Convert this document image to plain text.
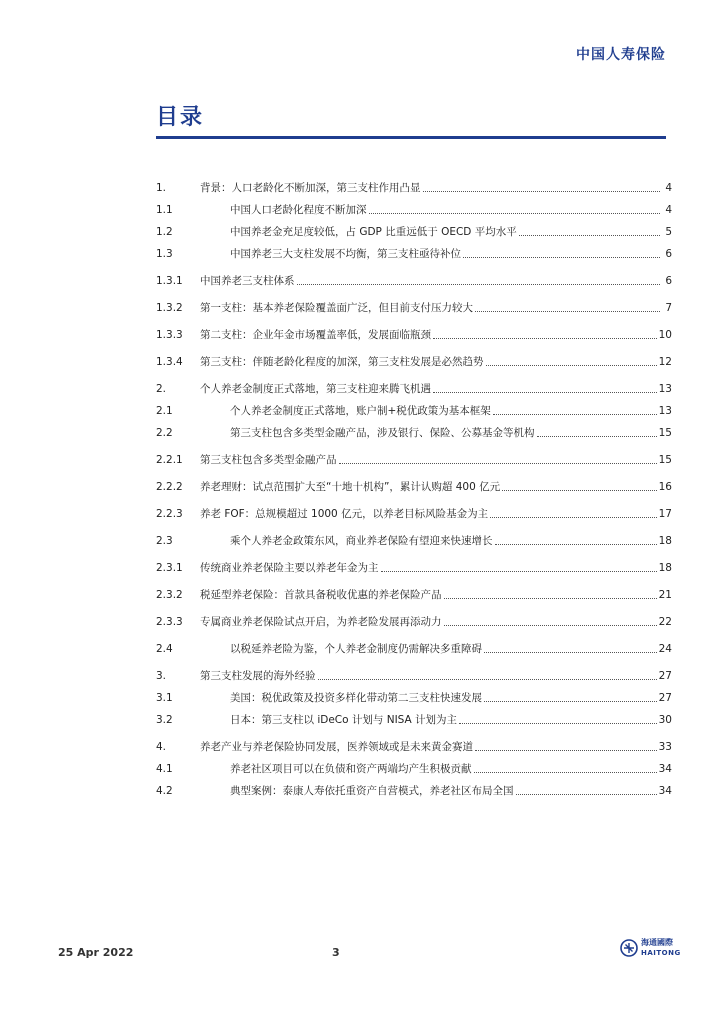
中国人寿保险
目录
1.	背景：人口老龄化不断加深，第三支柱作用凸显	4
1.1	中国人口老龄化程度不断加深	4
1.2	中国养老金充足度较低，占 GDP 比重远低于 OECD 平均水平	5
1.3	中国养老三大支柱发展不均衡，第三支柱亟待补位	6
1.3.1	中国养老三支柱体系	6
1.3.2	第一支柱：基本养老保险覆盖面广泛，但目前支付压力较大	7
1.3.3	第二支柱：企业年金市场覆盖率低，发展面临瓶颈	10
1.3.4	第三支柱：伴随老龄化程度的加深，第三支柱发展是必然趋势	12
2.	个人养老金制度正式落地，第三支柱迎来腾飞机遇	13
2.1	个人养老金制度正式落地，账户制+税优政策为基本框架	13
2.2	第三支柱包含多类型金融产品，涉及银行、保险、公募基金等机构	15
2.2.1	第三支柱包含多类型金融产品	15
2.2.2	养老理财：试点范围扩大至“十地十机构”，累计认购超 400 亿元	16
2.2.3	养老 FOF：总规模超过 1000 亿元，以养老目标风险基金为主	17
2.3	乘个人养老金政策东风，商业养老保险有望迎来快速增长	18
2.3.1	传统商业养老保险主要以养老年金为主	18
2.3.2	税延型养老保险：首款具备税收优惠的养老保险产品	21
2.3.3	专属商业养老保险试点开启，为养老险发展再添动力	22
2.4	以税延养老险为鉴，个人养老金制度仍需解决多重障碍	24
3.	第三支柱发展的海外经验	27
3.1	美国：税优政策及投资多样化带动第二三支柱快速发展	27
3.2	日本：第三支柱以 iDeCo 计划与 NISA 计划为主	30
4.	养老产业与养老保险协同发展，医养领域或是未来黄金赛道	33
4.1	养老社区项目可以在负债和资产两端均产生积极贡献	34
4.2	典型案例：泰康人寿依托重资产自营模式，养老社区布局全国	34
25 Apr 2022	3
海通國際
HAITONG
